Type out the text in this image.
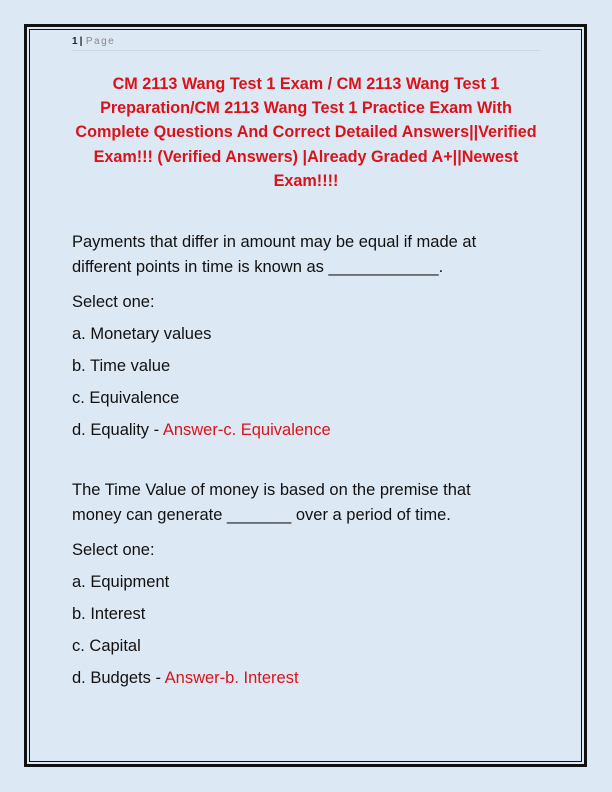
1 | Page
CM 2113 Wang Test 1 Exam / CM 2113 Wang Test 1 Preparation/CM 2113 Wang Test 1 Practice Exam With Complete Questions And Correct Detailed Answers||Verified Exam!!! (Verified Answers) |Already Graded A+||Newest Exam!!!!
Payments that differ in amount may be equal if made at
different points in time is known as ____________.
Select one:
a. Monetary values
b. Time value
c. Equivalence
d. Equality - Answer-c. Equivalence
The Time Value of money is based on the premise that
money can generate _______ over a period of time.
Select one:
a. Equipment
b. Interest
c. Capital
d. Budgets - Answer-b. Interest
